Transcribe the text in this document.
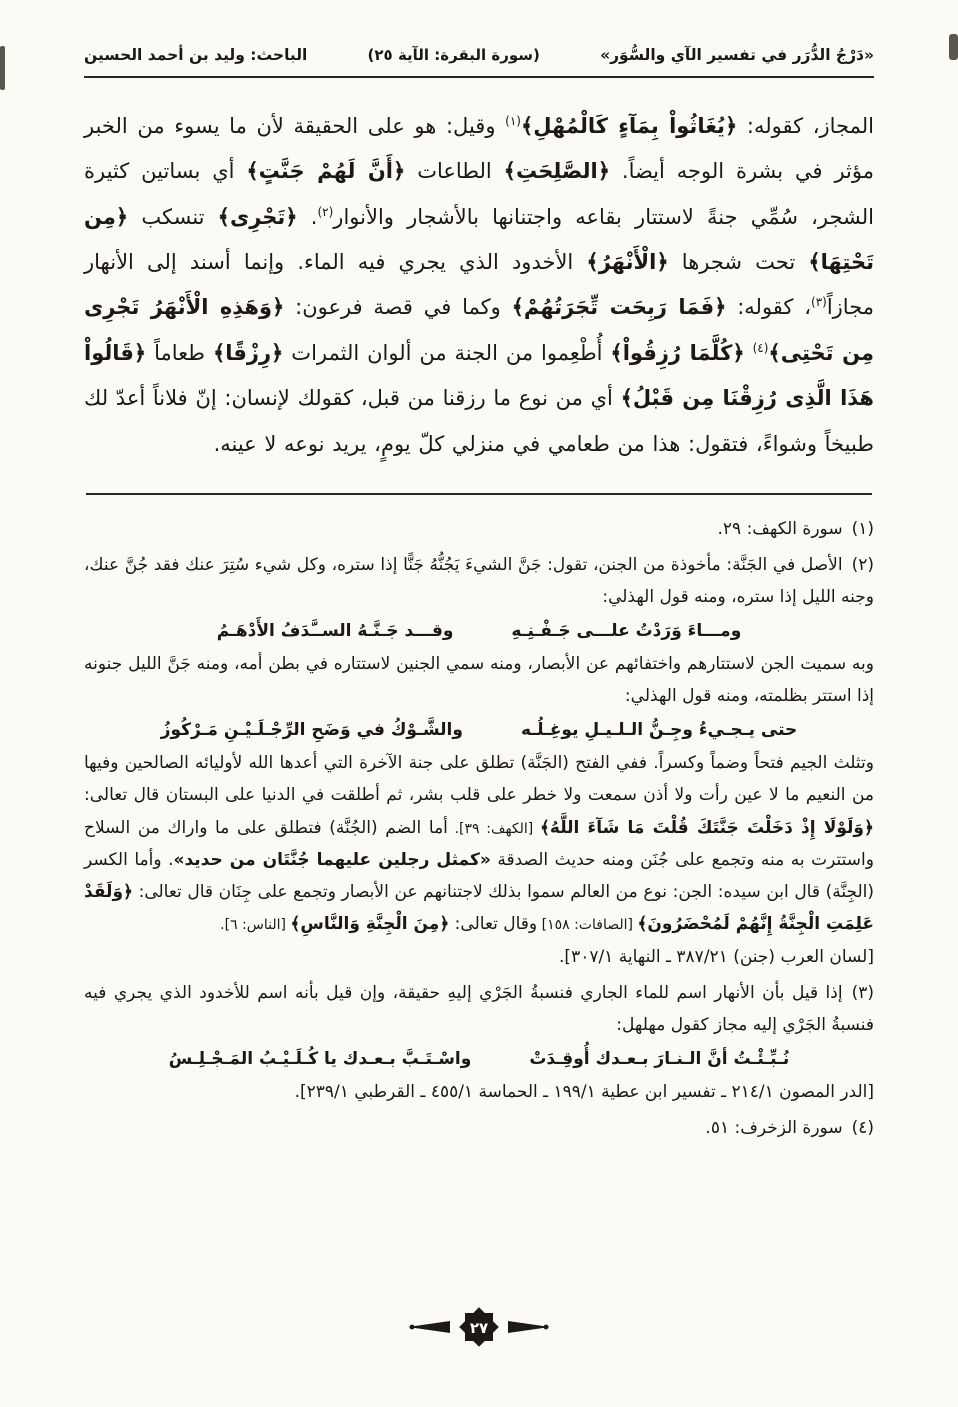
«دَرْجُ الدُّرَر في تفسير الآي والسُّوَر»
(سورة البقرة: الآية ٢٥)
الباحث: وليد بن أحمد الحسين
المجاز، كقوله: ﴿يُغَاثُواْ بِمَآءٍ كَالْمُهْلِ﴾$^{(١)}$ وقيل: هو على الحقيقة لأن ما يسوء من الخبر مؤثر في بشرة الوجه أيضاً. ﴿الصَّلِحَتِ﴾ الطاعات ﴿أَنَّ لَهُمْ جَنَّتٍ﴾ أي بساتين كثيرة الشجر، سُمِّي جنةً لاستتار بقاعه واجتنانها بالأشجار والأنوار$^{(٢)}$. ﴿تَجْرِى﴾ تنسكب ﴿مِن تَحْتِهَا﴾ تحت شجرها ﴿الْأَنْهَرُ﴾ الأخدود الذي يجري فيه الماء. وإنما أسند إلى الأنهار مجازاً$^{(٣)}$، كقوله: ﴿فَمَا رَبِحَت تِّجَرَتُهُمْ﴾ وكما في قصة فرعون: ﴿وَهَذِهِ الْأَنْهَرُ تَجْرِى مِن تَحْتِى﴾$^{(٤)}$ ﴿كُلَّمَا رُزِقُواْ﴾ أُطْعِموا من الجنة من ألوان الثمرات ﴿رِزْقًا﴾ طعاماً ﴿قَالُواْ هَذَا الَّذِى رُزِقْنَا مِن قَبْلُ﴾ أي من نوع ما رزقنا من قبل، كقولك لإنسان: إنّ فلاناً أعدّ لك طبيخاً وشواءً، فتقول: هذا من طعامي في منزلي كلّ يومٍ، يريد نوعه لا عينه.
(١)سورة الكهف: ٢٩.
(٢)الأصل في الجَنَّة: مأخوذة من الجنن، تقول: جَنَّ الشيءَ يَجُنُّهُ جَنًّا إذا ستره، وكل شيء سُتِرَ عنك فقد جُنَّ عنك، وجنه الليل إذا ستره، ومنه قول الهذلي:
ومـــاءَ وَرَدْتُ علـــى جَـفْـنِـهِ
وقـــد جَـنَّـهُ الســَّدَفُ الأَدْهَـمُ
وبه سميت الجن لاستتارهم واختفائهم عن الأبصار، ومنه سمي الجنين لاستتاره في بطن أمه، ومنه جَنَّ الليل جنونه إذا استتر بظلمته، ومنه قول الهذلي:
حتى يـجـيءُ وجِـنُّ الـلـيـلِ يوغِـلُـه
والشَّـوْكُ في وَضَحِ الرِّجْـلَـيْـنِ مَـرْكُوزُ
وتثلث الجيم فتحاً وضماً وكسراً. ففي الفتح (الجَنَّة) تطلق على جنة الآخرة التي أعدها الله لأوليائه الصالحين وفيها من النعيم ما لا عين رأت ولا أذن سمعت ولا خطر على قلب بشر، ثم أطلقت في الدنيا على البستان قال تعالى: ﴿وَلَوْلَا إِذْ دَخَلْتَ جَنَّتَكَ قُلْتَ مَا شَآءَ اللَّهُ﴾ [الكهف: ٣٩]. أما الضم (الجُنَّة) فتطلق على ما واراك من السلاح واستترت به منه وتجمع على جُنَن ومنه حديث الصدقة «كمثل رجلين عليهما جُنَّتَان من حديد». وأما الكسر (الجِنَّة) قال ابن سيده: الجن: نوع من العالم سموا بذلك لاجتنانهم عن الأبصار وتجمع على جِنَان قال تعالى: ﴿وَلَقَدْ عَلِمَتِ الْجِنَّةُ إِنَّهُمْ لَمُحْضَرُونَ﴾ [الصافات: ١٥٨] وقال تعالى: ﴿مِنَ الْجِنَّةِ وَالنَّاسِ﴾ [الناس: ٦].
[لسان العرب (جنن) ٣٨٧/٢١ ـ النهاية ٣٠٧/١].
(٣)إذا قيل بأن الأنهار اسم للماء الجاري فنسبةُ الجَرْي إليهِ حقيقة، وإن قيل بأنه اسم للأخدود الذي يجري فيه فنسبةُ الجَرْي إليه مجاز كقول مهلهل:
نُـبِّـئْـتُ أنَّ الـنـارَ بـعـدك أُوقِـدَتْ
واسْـتَـبَّ بـعـدك يا كُـلَـيْـبُ المَـجْـلِـسُ
[الدر المصون ٢١٤/١ ـ تفسير ابن عطية ١٩٩/١ ـ الحماسة ٤٥٥/١ ـ القرطبي ٢٣٩/١].
(٤)سورة الزخرف: ٥١.
٢٧
